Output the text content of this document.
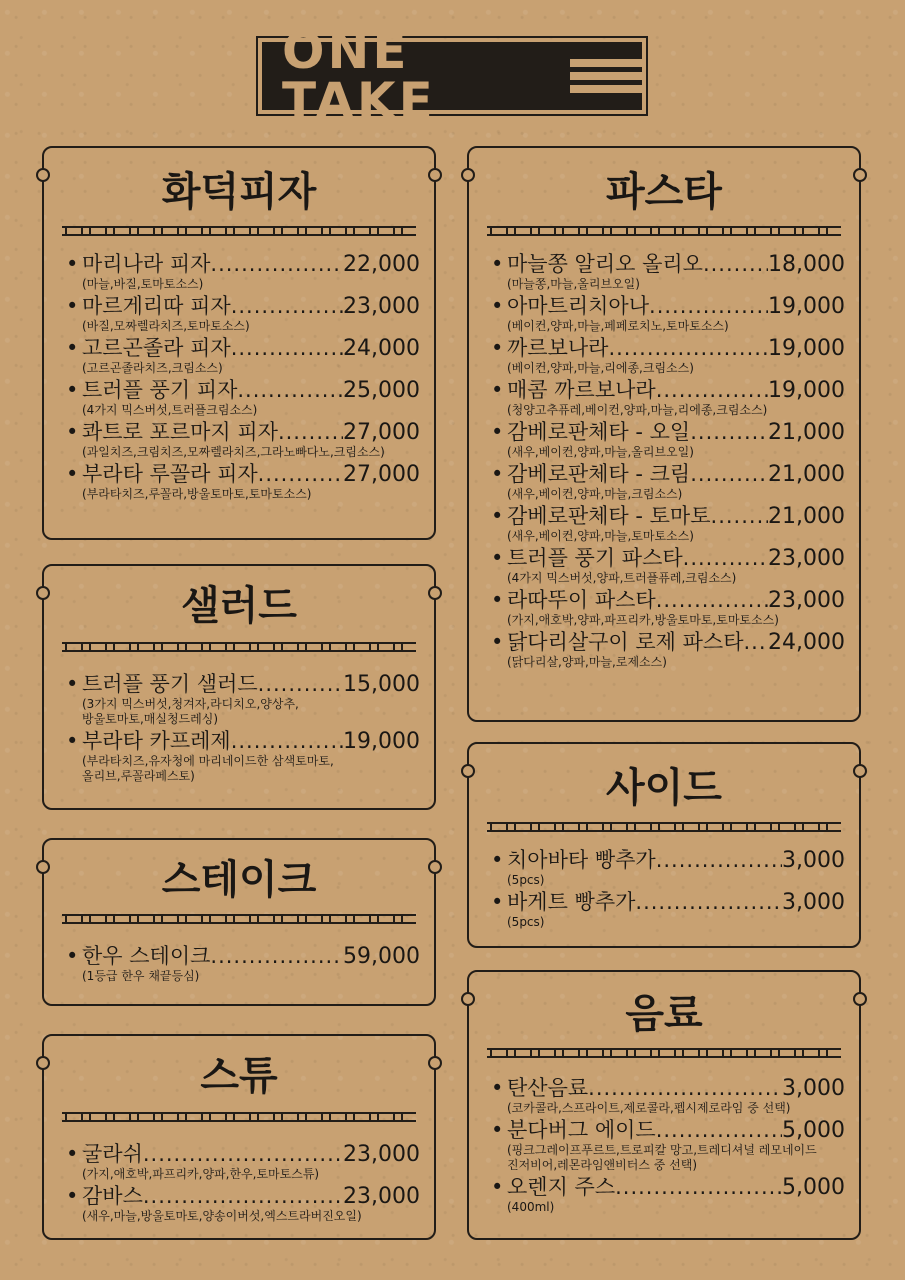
ONE TAKE
화덕피자
• 마리나라 피자 .....	22,000
(마늘,바질,토마토소스)
• 마르게리따 피자 .....	23,000
(바질,모짜렐라치즈,토마토소스)
• 고르곤졸라 피자 .....	24,000
(고르곤졸라치즈,크림소스)
• 트러플 풍기 피자 .....	25,000
(4가지 믹스버섯,트러플크림소스)
• 콰트로 포르마지 피자 .....	27,000
(과일치즈,크림치즈,모짜렐라치즈,그라노빠다노,크림소스)
• 부라타 루꼴라 피자 .....	27,000
(부라타치즈,루꼴라,방울토마토,토마토소스)
샐러드
• 트러플 풍기 샐러드 .....	15,000
(3가지 믹스버섯,청겨자,라디치오,양상추,
방울토마토,매실청드레싱)
• 부라타 카프레제 .....	19,000
(부라타치즈,유자청에 마리네이드한 삼색토마토,
올리브,루꼴라페스토)
스테이크
• 한우 스테이크 .....	59,000
(1등급 한우 채끝등심)
스튜
• 굴라쉬 .....	23,000
(가지,애호박,파프리카,양파,한우,토마토스튜)
• 감바스 .....	23,000
(새우,마늘,방울토마토,양송이버섯,엑스트라버진오일)
파스타
• 마늘쫑 알리오 올리오 .....	18,000
(마늘쫑,마늘,올리브오일)
• 아마트리치아나 .....	19,000
(베이컨,양파,마늘,페페로치노,토마토소스)
• 까르보나라 .....	19,000
(베이컨,양파,마늘,리에종,크림소스)
• 매콤 까르보나라 .....	19,000
(청양고추퓨레,베이컨,양파,마늘,리에종,크림소스)
• 감베로판체타 - 오일 .....	21,000
(새우,베이컨,양파,마늘,올리브오일)
• 감베로판체타 - 크림 .....	21,000
(새우,베이컨,양파,마늘,크림소스)
• 감베로판체타 - 토마토 .....	21,000
(새우,베이컨,양파,마늘,토마토소스)
• 트러플 풍기 파스타 .....	23,000
(4가지 믹스버섯,양파,트러플퓨레,크림소스)
• 라따뚜이 파스타 .....	23,000
(가지,애호박,양파,파프리카,방울토마토,토마토소스)
• 닭다리살구이 로제 파스타 ..... 24,000
(닭다리살,양파,마늘,로제소스)
사이드
• 치아바타 빵추가 .....	3,000
(5pcs)
• 바게트 빵추가 .....	3,000
(5pcs)
음료
• 탄산음료 .....	3,000
(코카콜라,스프라이트,제로콜라,펩시제로라임 중 선택)
• 분다버그 에이드 .....	5,000
(핑크그레이프푸르트,트로피칼 망고,트레디셔널 레모네이드
진저비어,레몬라임앤비터스 중 선택)
• 오렌지 주스 .....	5,000
(400ml)
